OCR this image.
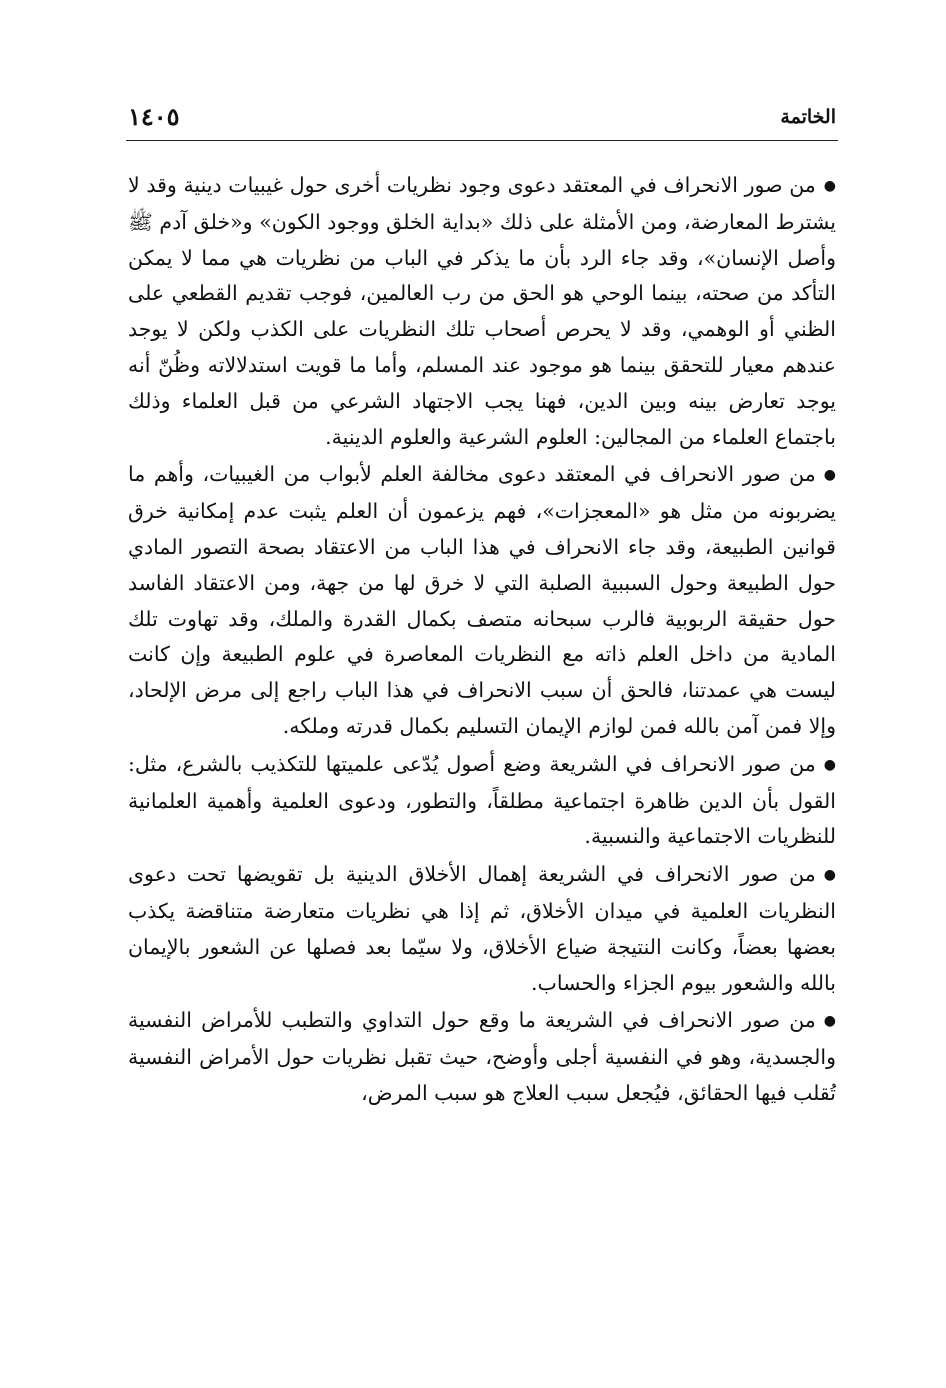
الخاتمة
١٤٠٥

●من صور الانحراف في المعتقد دعوى وجود نظريات أخرى حول غيبيات دينية وقد لا يشترط المعارضة، ومن الأمثلة على ذلك «بداية الخلق ووجود الكون» و«خلق آدم ﷺ وأصل الإنسان»، وقد جاء الرد بأن ما يذكر في الباب من نظريات هي مما لا يمكن التأكد من صحته، بينما الوحي هو الحق من رب العالمين، فوجب تقديم القطعي على الظني أو الوهمي، وقد لا يحرص أصحاب تلك النظريات على الكذب ولكن لا يوجد عندهم معيار للتحقق بينما هو موجود عند المسلم، وأما ما قويت استدلالاته وظُنّ أنه يوجد تعارض بينه وبين الدين، فهنا يجب الاجتهاد الشرعي من قبل العلماء وذلك باجتماع العلماء من المجالين: العلوم الشرعية والعلوم الدينية.

●من صور الانحراف في المعتقد دعوى مخالفة العلم لأبواب من الغيبيات، وأهم ما يضربونه من مثل هو «المعجزات»، فهم يزعمون أن العلم يثبت عدم إمكانية خرق قوانين الطبيعة، وقد جاء الانحراف في هذا الباب من الاعتقاد بصحة التصور المادي حول الطبيعة وحول السببية الصلبة التي لا خرق لها من جهة، ومن الاعتقاد الفاسد حول حقيقة الربوبية فالرب سبحانه متصف بكمال القدرة والملك، وقد تهاوت تلك المادية من داخل العلم ذاته مع النظريات المعاصرة في علوم الطبيعة وإن كانت ليست هي عمدتنا، فالحق أن سبب الانحراف في هذا الباب راجع إلى مرض الإلحاد، وإلا فمن آمن بالله فمن لوازم الإيمان التسليم بكمال قدرته وملكه.

●من صور الانحراف في الشريعة وضع أصول يُدّعى علميتها للتكذيب بالشرع، مثل: القول بأن الدين ظاهرة اجتماعية مطلقاً، والتطور، ودعوى العلمية وأهمية العلمانية للنظريات الاجتماعية والنسبية.

●من صور الانحراف في الشريعة إهمال الأخلاق الدينية بل تقويضها تحت دعوى النظريات العلمية في ميدان الأخلاق، ثم إذا هي نظريات متعارضة متناقضة يكذب بعضها بعضاً، وكانت النتيجة ضياع الأخلاق، ولا سيّما بعد فصلها عن الشعور بالإيمان بالله والشعور بيوم الجزاء والحساب.

●من صور الانحراف في الشريعة ما وقع حول التداوي والتطبب للأمراض النفسية والجسدية، وهو في النفسية أجلى وأوضح، حيث تقبل نظريات حول الأمراض النفسية تُقلب فيها الحقائق، فيُجعل سبب العلاج هو سبب المرض،
